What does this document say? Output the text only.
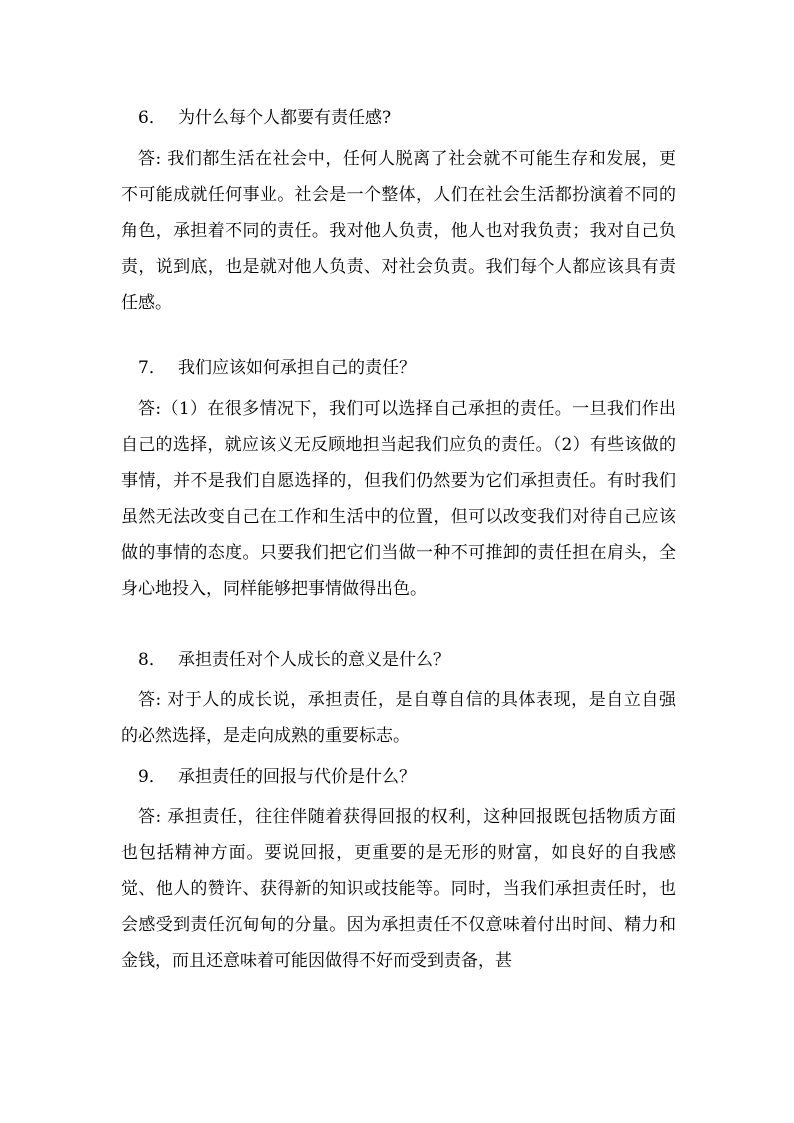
6． 为什么每个人都要有责任感?
答: 我们都生活在社会中，任何人脱离了社会就不可能生存和发展，更不可能成就任何事业。社会是一个整体，人们在社会生活都扮演着不同的角色，承担着不同的责任。我对他人负责，他人也对我负责；我对自己负责，说到底，也是就对他人负责、对社会负责。我们每个人都应该具有责任感。
7． 我们应该如何承担自己的责任？
答:（1）在很多情况下，我们可以选择自己承担的责任。一旦我们作出自己的选择，就应该义无反顾地担当起我们应负的责任。（2）有些该做的事情，并不是我们自愿选择的，但我们仍然要为它们承担责任。有时我们虽然无法改变自己在工作和生活中的位置，但可以改变我们对待自己应该做的事情的态度。只要我们把它们当做一种不可推卸的责任担在肩头，全身心地投入，同样能够把事情做得出色。
8． 承担责任对个人成长的意义是什么？
答: 对于人的成长说，承担责任，是自尊自信的具体表现，是自立自强的必然选择，是走向成熟的重要标志。
9． 承担责任的回报与代价是什么？
答: 承担责任，往往伴随着获得回报的权利，这种回报既包括物质方面也包括精神方面。要说回报，更重要的是无形的财富，如良好的自我感觉、他人的赞许、获得新的知识或技能等。同时，当我们承担责任时，也会感受到责任沉甸甸的分量。因为承担责任不仅意味着付出时间、精力和金钱，而且还意味着可能因做得不好而受到责备，甚
